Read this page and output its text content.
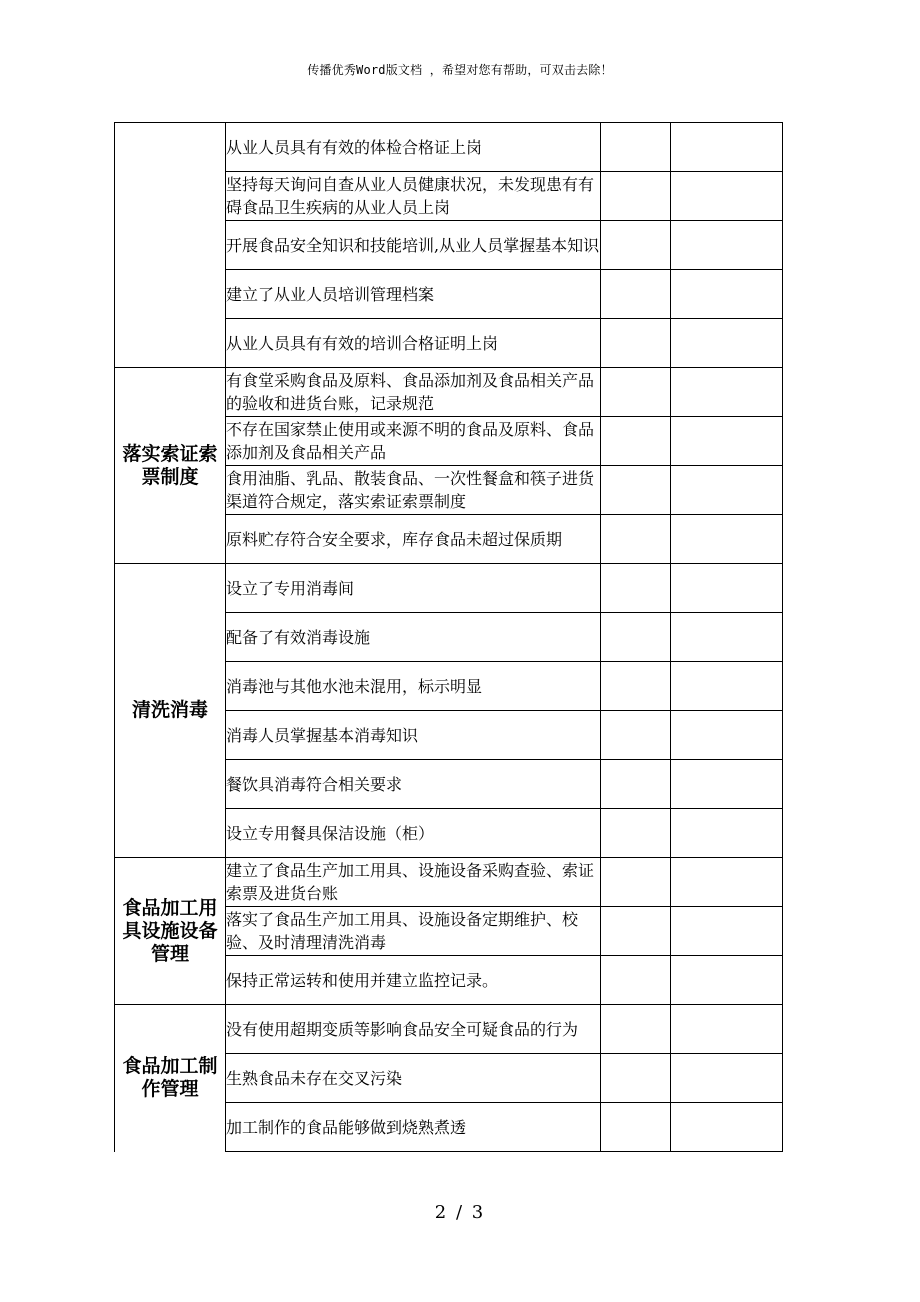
传播优秀Word版文档 ，希望对您有帮助，可双击去除！
	从业人员具有有效的体检合格证上岗		
	坚持每天询问自查从业人员健康状况，未发现患有有碍食品卫生疾病的从业人员上岗		
	开展食品安全知识和技能培训,从业人员掌握基本知识		
	建立了从业人员培训管理档案		
	从业人员具有有效的培训合格证明上岗		
落实索证索票制度	有食堂采购食品及原料、食品添加剂及食品相关产品的验收和进货台账，记录规范		
	不存在国家禁止使用或来源不明的食品及原料、食品添加剂及食品相关产品		
	食用油脂、乳品、散装食品、一次性餐盒和筷子进货渠道符合规定，落实索证索票制度		
	原料贮存符合安全要求，库存食品未超过保质期		
清洗消毒	设立了专用消毒间		
	配备了有效消毒设施		
	消毒池与其他水池未混用，标示明显		
	消毒人员掌握基本消毒知识		
	餐饮具消毒符合相关要求		
	设立专用餐具保洁设施（柜）		
食品加工用具设施设备管理	建立了食品生产加工用具、设施设备采购查验、索证索票及进货台账		
	落实了食品生产加工用具、设施设备定期维护、校验、及时清理清洗消毒		
	保持正常运转和使用并建立监控记录。		
食品加工制作管理	没有使用超期变质等影响食品安全可疑食品的行为		
	生熟食品未存在交叉污染		
	加工制作的食品能够做到烧熟煮透		
2 / 3
